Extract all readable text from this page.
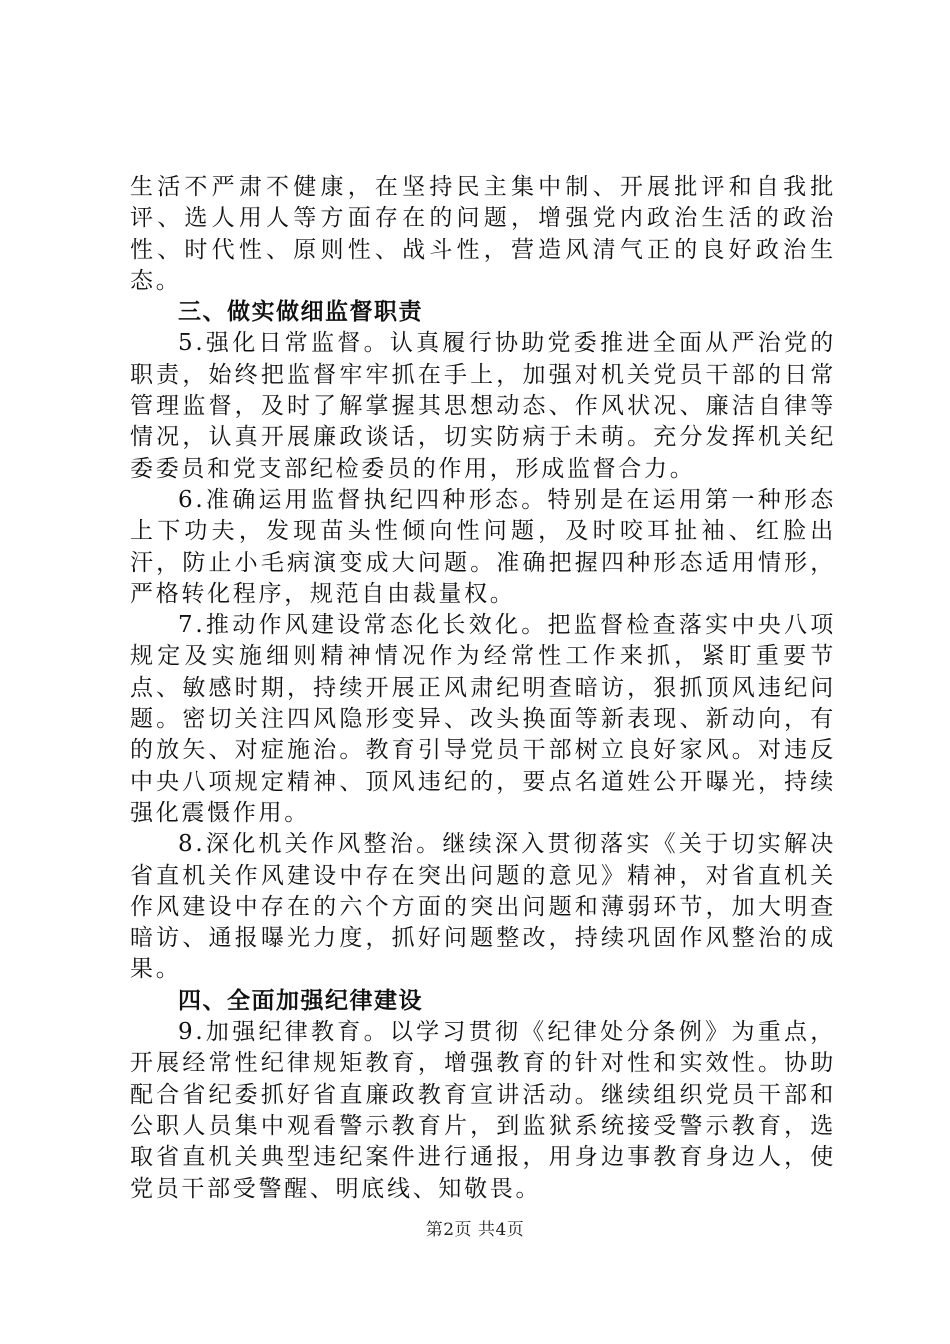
生活不严肃不健康，在坚持民主集中制、开展批评和自我批评、选人用人等方面存在的问题，增强党内政治生活的政治性、时代性、原则性、战斗性，营造风清气正的良好政治生态。

三、做实做细监督职责

5.强化日常监督。认真履行协助党委推进全面从严治党的职责，始终把监督牢牢抓在手上，加强对机关党员干部的日常管理监督，及时了解掌握其思想动态、作风状况、廉洁自律等情况，认真开展廉政谈话，切实防病于未萌。充分发挥机关纪委委员和党支部纪检委员的作用，形成监督合力。

6.准确运用监督执纪四种形态。特别是在运用第一种形态上下功夫，发现苗头性倾向性问题，及时咬耳扯袖、红脸出汗，防止小毛病演变成大问题。准确把握四种形态适用情形，严格转化程序，规范自由裁量权。

7.推动作风建设常态化长效化。把监督检查落实中央八项规定及实施细则精神情况作为经常性工作来抓，紧盯重要节点、敏感时期，持续开展正风肃纪明查暗访，狠抓顶风违纪问题。密切关注四风隐形变异、改头换面等新表现、新动向，有的放矢、对症施治。教育引导党员干部树立良好家风。对违反中央八项规定精神、顶风违纪的，要点名道姓公开曝光，持续强化震慑作用。

8.深化机关作风整治。继续深入贯彻落实《关于切实解决省直机关作风建设中存在突出问题的意见》精神，对省直机关作风建设中存在的六个方面的突出问题和薄弱环节，加大明查暗访、通报曝光力度，抓好问题整改，持续巩固作风整治的成果。

四、全面加强纪律建设

9.加强纪律教育。以学习贯彻《纪律处分条例》为重点，开展经常性纪律规矩教育，增强教育的针对性和实效性。协助配合省纪委抓好省直廉政教育宣讲活动。继续组织党员干部和公职人员集中观看警示教育片，到监狱系统接受警示教育，选取省直机关典型违纪案件进行通报，用身边事教育身边人，使党员干部受警醒、明底线、知敬畏。

第2页 共4页
